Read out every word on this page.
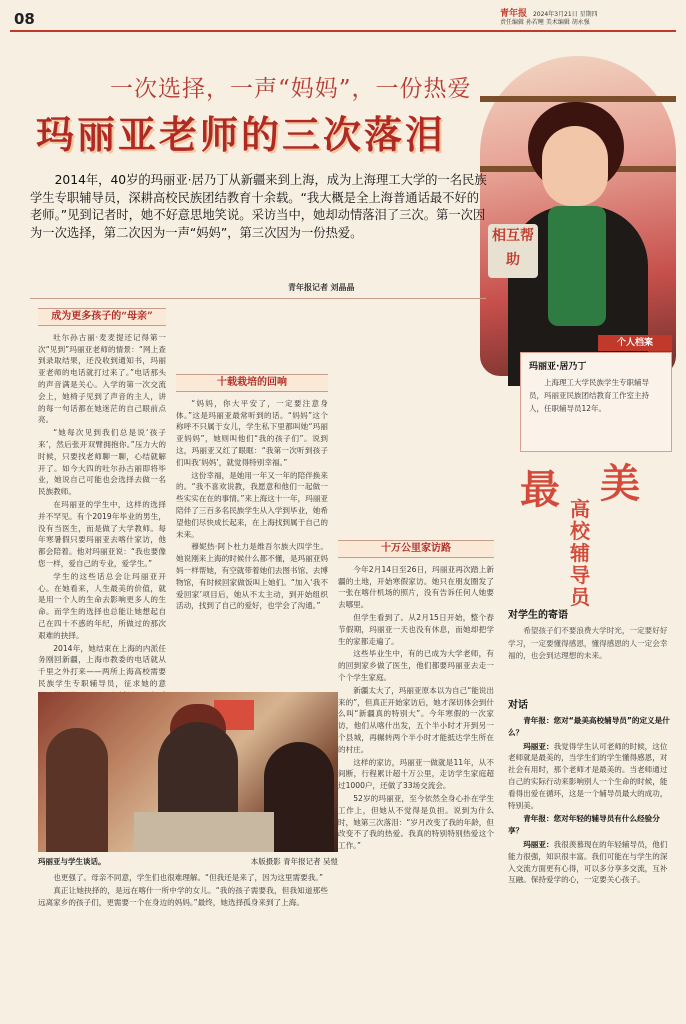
08	青年报 2024年3月21日 星期四
责任编辑 孙若鲤 美术编辑 胡永强
相互帮助
一次选择，一声“妈妈”，一份热爱
玛丽亚老师的三次落泪
2014年，40岁的玛丽亚·居乃丁从新疆来到上海，成为上海理工大学的一名民族学生专职辅导员，深耕高校民族团结教育十余载。“我大概是全上海普通话最不好的老师。”见到记者时，她不好意思地笑说。采访当中，她却动情落泪了三次。第一次因为一次选择，第二次因为一声“妈妈”，第三次因为一份热爱。
青年报记者 刘晶晶
成为更多孩子的“母亲”

吐尔孙古丽·麦麦提还记得第一次“见到”玛丽亚老师的情景：“网上查到录取结果，还没收到通知书，玛丽亚老师的电话就打过来了。”电话那头的声音满是关心。入学的第一次交流会上，她椅子见到了声音的主人，讲的每一句话都在她迷茫的自己眼前点亮。

“她每次见到我们总是说‘孩子来’，然后张开双臂拥抱你。”压力大的时候，只要找老师聊一聊，心结就解开了。如今大四的吐尔孙古丽即将毕业，她说自己可能也会选择去做一名民族教师。

在玛丽亚的学生中，这样的选择并不罕见。有个2019年毕业的男生，没有当医生，而是做了大学教师。每年寒暑假只要玛丽亚去喀什家访，他都会陪着。他对玛丽亚说：“我也要像您一样，爱自己的专业，爱学生。”

学生的这些话总会让玛丽亚开心。在她看来，人生最美的价值，就是用一个人的生命去影响更多人的生命。而学生的选择也总能让她想起自己在四十不惑的年纪，所做过的那次艰难的抉择。

2014年，她结束在上海的内派任务刚回新疆，上海市教委的电话就从千里之外打来——两所上海高校需要民族学生专职辅导员，征求她的意

十载栽培的回响

“妈妈，你大平安了，一定要注意身体。”这是玛丽亚最常听到的话。“妈妈”这个称呼不只属于女儿，学生私下里都叫她“玛丽亚妈妈”，她则叫他们“我的孩子们”。说到这，玛丽亚又红了眼眶：“我第一次听到孩子们叫我‘妈妈’，就觉得特别幸福。”

这份幸福，是她用一年又一年的陪伴换来的。“我不喜欢说教，我愿意和他们一起做一些实实在在的事情。”来上海这十一年，玛丽亚陪伴了三百多名民族学生从入学到毕业，她希望他们尽快成长起来，在上海找到属于自己的未来。

穆妮热·阿卜杜力是维吾尔族大四学生。她说刚来上海的时候什么都不懂，是玛丽亚妈妈一样帮她，有空就带着她们去图书馆、去博物馆，有时候回家做饭叫上她们。“加入‘我不爱回家’项目后，她从不太主动，到开始组织活动，找到了自己的爱好，也学会了沟通。”

十万公里家访路

今年2月14日至26日，玛丽亚再次踏上新疆的土地，开始寒假家访。她只在朋友圈发了一张在喀什机场的照片，没有告诉任何人她要去哪里。

但学生看到了。从2月15日开始，整个春节假期，玛丽亚一天也没有休息，而她却把学生的家都走遍了。

这些毕业生中，有的已成为大学老师，有的回到家乡做了医生，他们都要玛丽亚去走一个个学生家庭。

新疆太大了，玛丽亚原本以为自己“能说出来的”，但真正开始家访后，她才深切体会到什么叫“新疆真的特别大”。今年寒假的一次家访，他们从喀什出发，五个半小时才开到另一个县城，再辗转两个半小时才能抵达学生所在的村庄。

这样的家访，玛丽亚一做就是11年，从不间断，行程累计超十万公里，走访学生家庭超过1000户，还做了33场交流会。

52岁的玛丽亚，至今依然全身心扑在学生工作上，但她从不觉得是负担。说到为什么时，她第三次落泪：“岁月改变了我的年龄，但改变不了我的热爱。我真的特别特别热爱这个工作。”

也更强了。母亲不同意，学生们也很难理解。“但我还是来了，因为这里需要我。”

真正让她抉择的，是远在喀什一所中学的女儿。“我的孩子需要我，但我知道那些远离家乡的孩子们，更需要一个在身边的妈妈。”最终，她选择孤身来到了上海。

玛丽亚与学生谈话。	本版摄影 青年报记者 吴愷
个人档案
玛丽亚·居乃丁
上海理工大学民族学生专职辅导员，玛丽亚民族团结教育工作室主持人，任职辅导员12年。
最 美
高校辅导员
对学生的寄语
希望孩子们不要浪费大学时光，一定要好好学习，一定要懂得感恩，懂得感恩的人一定会幸福的，也会到达理想的未来。
对话
青年报：您对“最美高校辅导员”的定义是什么？
玛丽亚：我觉得学生认可老师的时候，这位老师就是最美的，当学生们的学生懂得感恩，对社会有用时，那个老师才是最美的。当老师通过自己的实际行动来影响别人一个生命的时候，能看得出爱在循环，这是一个辅导员最大的成功，特别美。
青年报：您对年轻的辅导员有什么经验分享？
玛丽亚：我很羡慕现在的年轻辅导员，他们能力很强，知识很丰富。我们可能在与学生的深入交流方面更有心得，可以多分享多交流，互补互融。保持爱学的心，一定要关心孩子。
